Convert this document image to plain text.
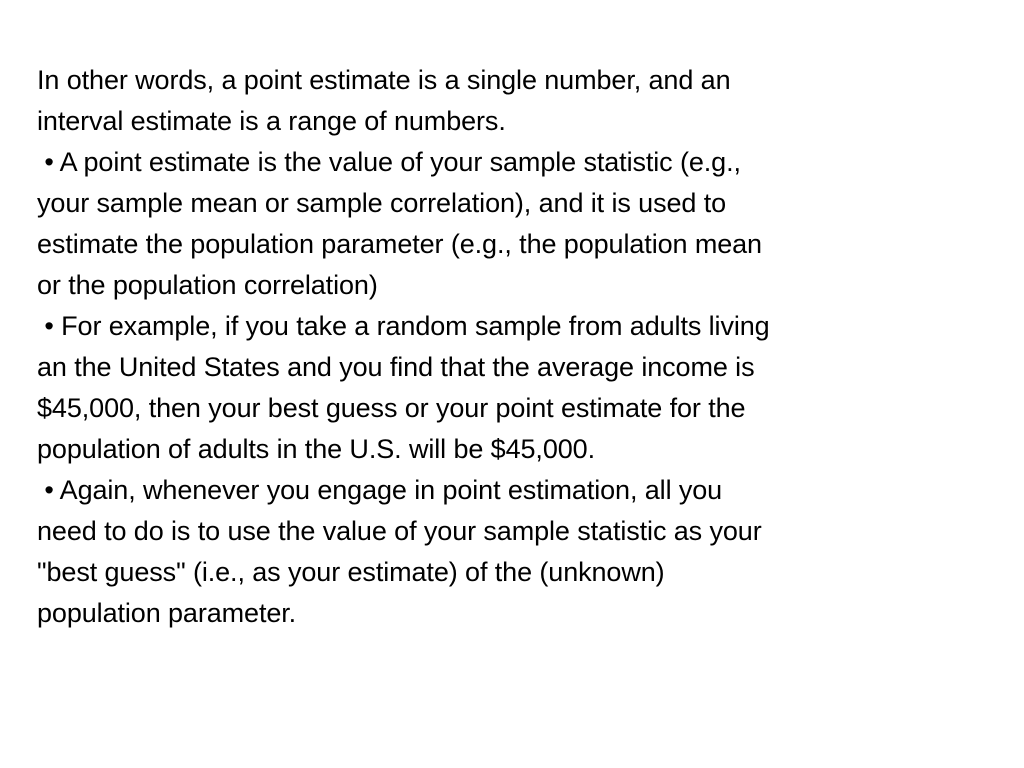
In other words, a point estimate is a single number, and an
interval estimate is a range of numbers.
• A point estimate is the value of your sample statistic (e.g.,
your sample mean or sample correlation), and it is used to
estimate the population parameter (e.g., the population mean
or the population correlation)
• For example, if you take a random sample from adults living
an the United States and you find that the average income is
$45,000, then your best guess or your point estimate for the
population of adults in the U.S. will be $45,000.
• Again, whenever you engage in point estimation, all you
need to do is to use the value of your sample statistic as your
"best guess" (i.e., as your estimate) of the (unknown)
population parameter.
